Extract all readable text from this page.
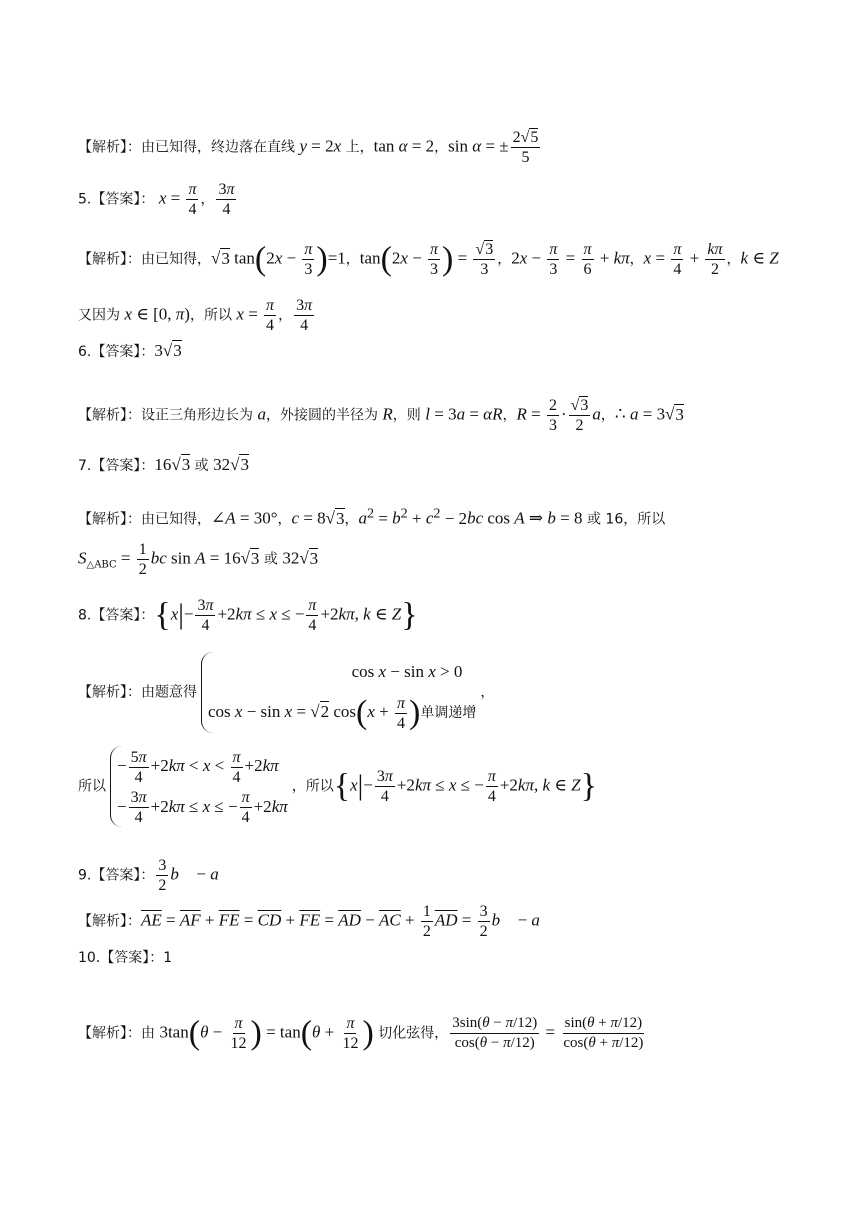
【解析】：由已知得，终边落在直线 y = 2x 上，tan α = 2，sin α = ± $\frac{2√5}{5}$
5.【答案】： $x = \frac{\pi}{4}$ ， $\frac{3\pi}{4}$
【解析】：由已知得，√3 $\tan(2x - \frac{\pi}{3} )=1$，$\tan(2x - \frac{\pi}{3}$ ) = $\frac{√3}{3}$ ，$2x - \frac{\pi}{3} = \frac{\pi}{6} + k\pi$，$x = \frac{\pi}{4} + \frac{k\pi}{2}$ ，k ∈ Z
又因为 x ∈ [0, π)，所以 $x = \frac{\pi}{4}$ ， $\frac{3\pi}{4}$
6.【答案】：3√3
【解析】：设正三角形边长为 a，外接圆的半径为 R，则 l = 3a = αR，$R = \frac{2}{3} \cdot \frac{√3}{2}$ a，∴ a = 3√3
7.【答案】：16√3 或 32√3
【解析】：由已知得，∠A = 30°，c = 8√3，$a^2 = b^2 + c^2 - 2bc$ cos A ⇒ b = 8 或 16，所以
$S_{\triangle ABC} = \frac{1}{2}$ bc sin A = 16√3 或 32√3
8.【答案】：{$x|- \frac{3\pi}{4} +2k\pi \le x$ ≤ − $\frac{\pi}{4} +2k\pi$, k ∈ Z}
【解析】：由题意得
cos x − sin x > 0
cos x − sin x = √2 $\cos(x + \frac{\pi}{4}$ )单调递增
，
所以
− $\frac{5\pi}{4} +2k\pi < x < \frac{\pi}{4} +2k\pi$
− $\frac{3\pi}{4} +2k\pi \le x$ ≤ − $\frac{\pi}{4} +2k\pi$
，所以{$x|- \frac{3\pi}{4} +2k\pi \le x$ ≤ − $\frac{\pi}{4} +2k\pi$, k ∈ Z}
9.【答案】： $\frac{3}{2}$ b⃗ − a⃗
【解析】：$\overline{AE} = \overline{AF} + \overline{FE} = \overline{CD} + \overline{FE} = \overline{AD} - \overline{AC} + \frac{1}{2} \overline{AD} = \frac{3}{2}$ b⃗ − a⃗
10.【答案】：1
【解析】：由 $3\tan(\theta - \frac{\pi}{12}$ ) = $\tan(\theta + \frac{\pi}{12}$ ) 切化弦得， $\frac{3\sin(\theta - \pi/12)}{\cos(\theta - \pi/12)} = \frac{\sin(\theta + \pi/12)}{\cos(\theta + \pi/12)}$
